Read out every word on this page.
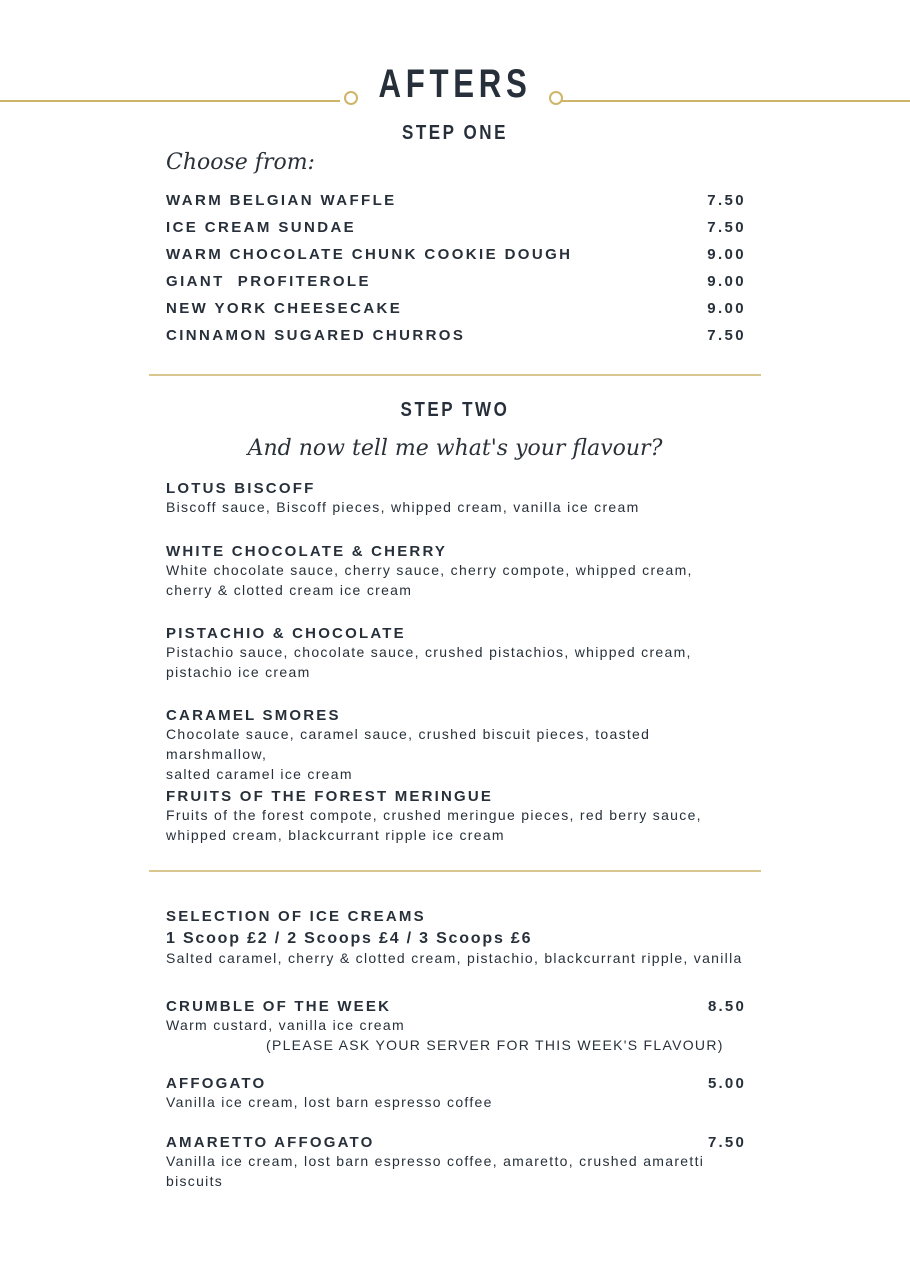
AFTERS
STEP ONE
Choose from:
WARM BELGIAN WAFFLE	7.50
ICE CREAM SUNDAE	7.50
WARM CHOCOLATE CHUNK COOKIE DOUGH	9.00
GIANT  PROFITEROLE	9.00
NEW YORK CHEESECAKE	9.00
CINNAMON SUGARED CHURROS	7.50
STEP TWO
And now tell me what's your flavour?
LOTUS BISCOFF
Biscoff sauce, Biscoff pieces, whipped cream, vanilla ice cream
WHITE CHOCOLATE & CHERRY
White chocolate sauce, cherry sauce, cherry compote, whipped cream,
cherry & clotted cream ice cream
PISTACHIO & CHOCOLATE
Pistachio sauce, chocolate sauce, crushed pistachios, whipped cream,
pistachio ice cream
CARAMEL SMORES
Chocolate sauce, caramel sauce, crushed biscuit pieces, toasted marshmallow,
salted caramel ice cream
FRUITS OF THE FOREST MERINGUE
Fruits of the forest compote, crushed meringue pieces, red berry sauce,
whipped cream, blackcurrant ripple ice cream
SELECTION OF ICE CREAMS
1 Scoop £2 / 2 Scoops £4 / 3 Scoops £6
Salted caramel, cherry & clotted cream, pistachio, blackcurrant ripple, vanilla
CRUMBLE OF THE WEEK	8.50
Warm custard, vanilla ice cream
(PLEASE ASK YOUR SERVER FOR THIS WEEK'S FLAVOUR)
AFFOGATO	5.00
Vanilla ice cream, lost barn espresso coffee
AMARETTO AFFOGATO	7.50
Vanilla ice cream, lost barn espresso coffee, amaretto, crushed amaretti
biscuits
